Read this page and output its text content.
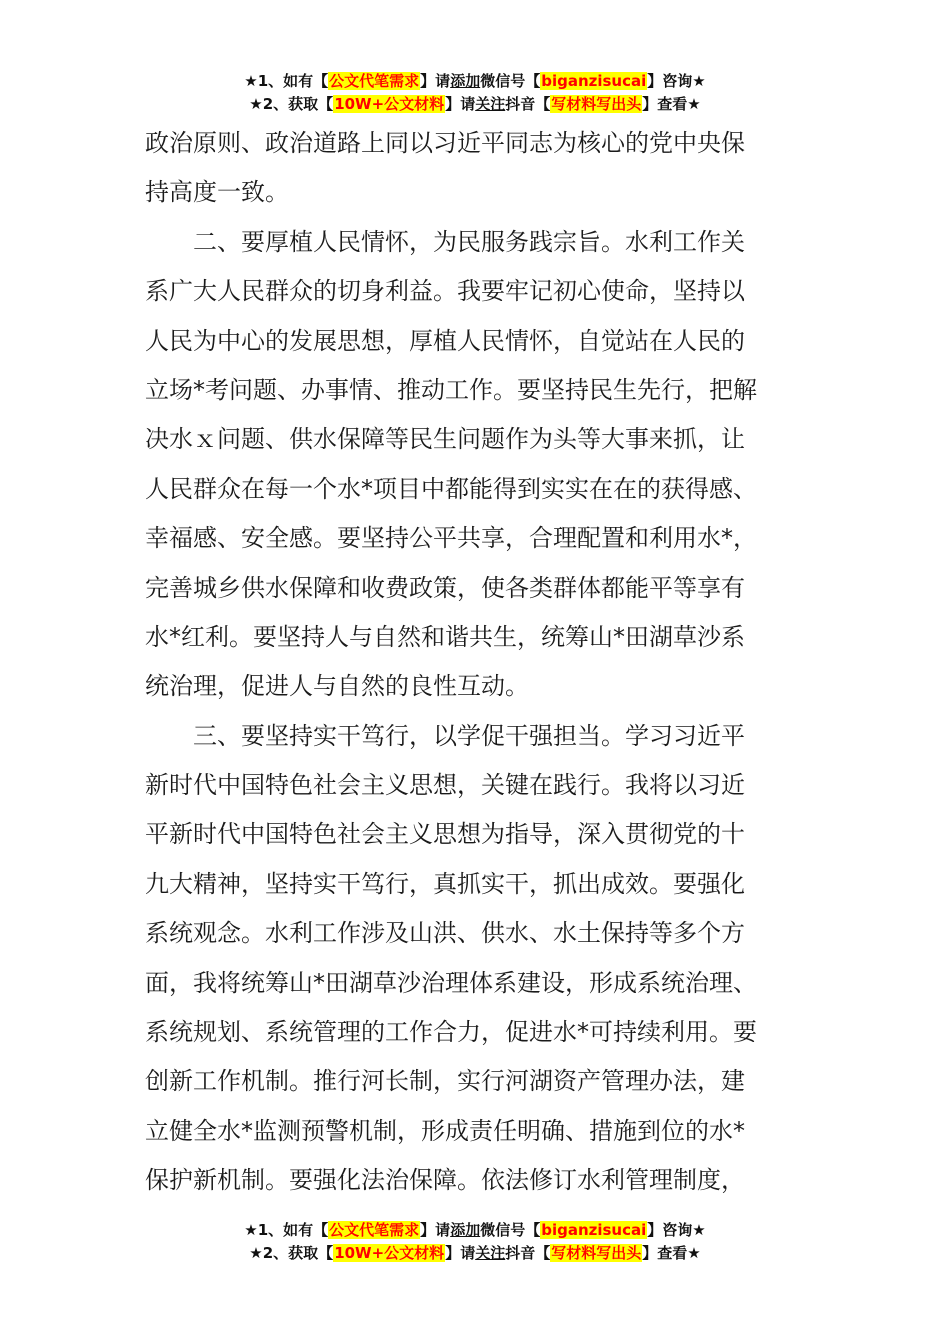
★1、如有【公文代笔需求】请添加微信号【biganzisucai】咨询★
★2、获取【10W+公文材料】请关注抖音【写材料写出头】查看★
政治原则、政治道路上同以习近平同志为核心的党中央保
持高度一致。
　　二、要厚植人民情怀，为民服务践宗旨。水利工作关
系广大人民群众的切身利益。我要牢记初心使命，坚持以
人民为中心的发展思想，厚植人民情怀，自觉站在人民的
立场*考问题、办事情、推动工作。要坚持民生先行，把解
决水ｘ问题、供水保障等民生问题作为头等大事来抓，让
人民群众在每一个水*项目中都能得到实实在在的获得感、
幸福感、安全感。要坚持公平共享，合理配置和利用水*，
完善城乡供水保障和收费政策，使各类群体都能平等享有
水*红利。要坚持人与自然和谐共生，统筹山*田湖草沙系
统治理，促进人与自然的良性互动。
　　三、要坚持实干笃行，以学促干强担当。学习习近平
新时代中国特色社会主义思想，关键在践行。我将以习近
平新时代中国特色社会主义思想为指导，深入贯彻党的十
九大精神，坚持实干笃行，真抓实干，抓出成效。要强化
系统观念。水利工作涉及山洪、供水、水土保持等多个方
面，我将统筹山*田湖草沙治理体系建设，形成系统治理、
系统规划、系统管理的工作合力，促进水*可持续利用。要
创新工作机制。推行河长制，实行河湖资产管理办法，建
立健全水*监测预警机制，形成责任明确、措施到位的水*
保护新机制。要强化法治保障。依法修订水利管理制度，
★1、如有【公文代笔需求】请添加微信号【biganzisucai】咨询★
★2、获取【10W+公文材料】请关注抖音【写材料写出头】查看★
